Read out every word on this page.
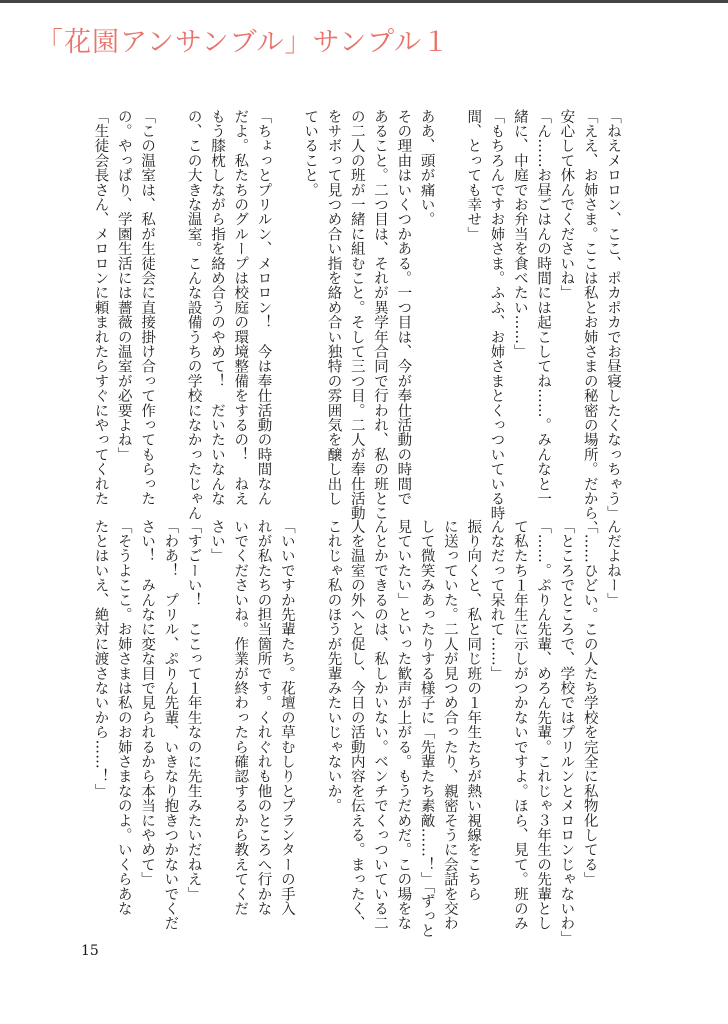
「花園アンサンブル」サンプル１
「ねえメロロン、ここ、ポカポカでお昼寝したくなっちゃう」
「ええ、お姉さま。ここは私とお姉さまの秘密の場所。だから、
安心して休んでくださいね」
「ん……お昼ごはんの時間には起こしてね……。みんなと一
緒に、中庭でお弁当を食べたい……」
「もちろんですお姉さま。ふふ、お姉さまとくっついている時
間、とっても幸せ」

ああ、頭が痛い。
その理由はいくつかある。一つ目は、今が奉仕活動の時間で
あること。二つ目は、それが異学年合同で行われ、私の班とこ
の二人の班が一緒に組むこと。そして三つ目。二人が奉仕活動
をサボって見つめ合い指を絡め合い独特の雰囲気を醸し出し
ていること。

「ちょっとプリルン、メロロン！　今は奉仕活動の時間なん
だよ。私たちのグループは校庭の環境整備をするの！　ねえ
もう膝枕しながら指を絡め合うのやめて！　だいたいなんな
の、この大きな温室。こんな設備うちの学校になかったじゃん

「この温室は、私が生徒会に直接掛け合って作ってもらった
の。やっぱり、学園生活には薔薇の温室が必要よね」
「生徒会長さん、メロロンに頼まれたらすぐにやってくれた
んだよねー」
「……ひどい。この人たち学校を完全に私物化してる」
「ところでところで、学校ではプリルンとメロロンじゃないわ」
「……。ぷりん先輩、めろん先輩。これじゃ３年生の先輩とし
て私たち１年生に示しがつかないですよ。ほら、見て。班のみ
んなだって呆れて……」
振り向くと、私と同じ班の１年生たちが熱い視線をこちら
に送っていた。二人が見つめ合ったり、親密そうに会話を交わ
して微笑みあったりする様子に「先輩たち素敵……！」「ずっと
見ていたい」といった歓声が上がる。もうだめだ。この場をな
んとかできるのは、私しかいない。ベンチでくっついている二
人を温室の外へと促し、今日の活動内容を伝える。まったく、
これじゃ私のほうが先輩みたいじゃないか。

「いいですか先輩たち。花壇の草むしりとプランターの手入
れが私たちの担当箇所です。くれぐれも他のところへ行かな
いでくださいね。作業が終わったら確認するから教えてくだ
さい」
「すごーい！　ここって１年生なのに先生みたいだねえ」
「わあ！　プリル、ぷりん先輩、いきなり抱きつかないでくだ
さい！　みんなに変な目で見られるから本当にやめて」
「そうよここ。お姉さまは私のお姉さまなのよ。いくらあな
たとはいえ、絶対に渡さないから……！」

15
